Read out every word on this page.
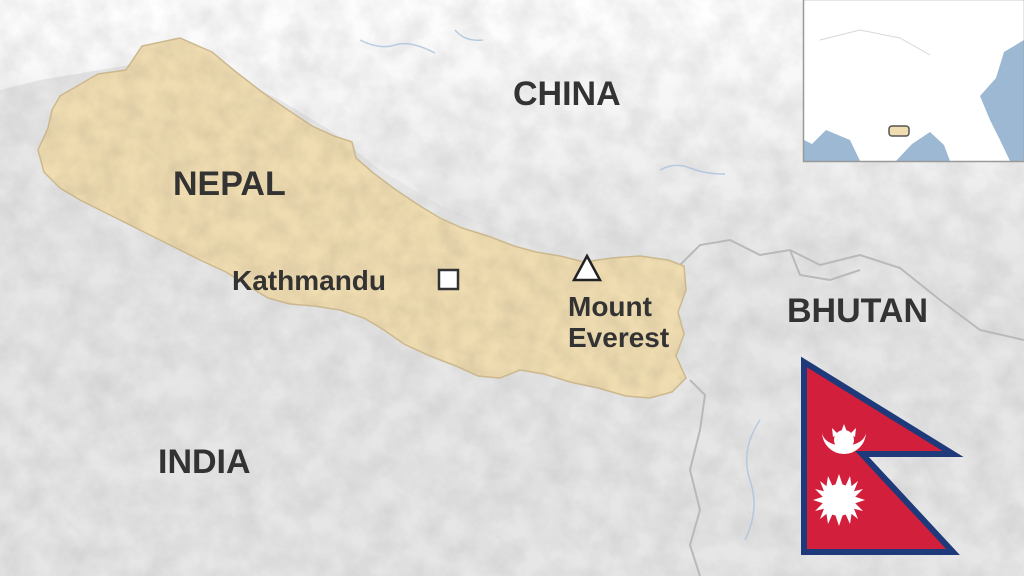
CHINA
NEPAL
BHUTAN
INDIA
Kathmandu
Mount
Everest
